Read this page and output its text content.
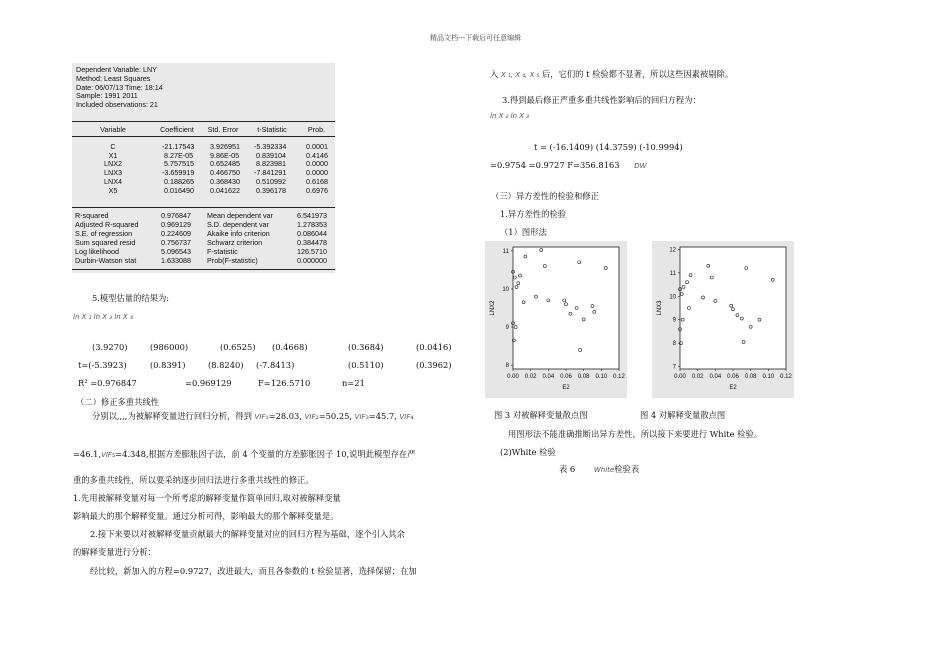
精品文档---下载后可任意编辑
Dependent Variable: LNY
Method: Least Squares
Date: 06/07/13 Time: 18:14
Sample: 1991 2011
Included observations: 21
Variable	Coefficient	Std. Error	t-Statistic	Prob.
C	-21.17543	3.926951	-5.392334	0.0001
X1	8.27E-05	9.86E-05	0.839104	0.4146
LNX2	5.757515	0.652485	8.823981	0.0000
LNX3	-3.659919	0.466750	-7.841291	0.0000
LNX4	0.188265	0.368430	0.510992	0.6168
X5	0.016490	0.041622	0.396178	0.6976
R-squared	0.976847	Mean dependent var	6.541973
Adjusted R-squared	0.969129	S.D. dependent var	1.278353
S.E. of regression	0.224609	Akaike info criterion	0.086044
Sum squared resid	0.756737	Schwarz criterion	0.384478
Log likelihood	5.096543	F-statistic	126.5710
Durbin-Watson stat	1.633088	Prob(F-statistic)	0.000000
5.模型估量的结果为:
ln X ₂ ln X ₃ ln X ₄
(3.9270)	(986000)	(0.6525) (0.4668)	(0.3684)	(0.0416)
t=(-5.3923)	(0.8391)	(8.8240) (-7.8413)	(0.5110)	(0.3962)
R² =0.976847	=0.969129	F=126.5710	n=21
（二）修正多重共线性
分别以,,,,为被解释变量进行回归分析，得到 VIF1=28.03, VIF2=50.25, VIF3=45.7, VIF4
=46.1,VIF5=4.348,根据方差膨胀因子法，前 4 个变量的方差膨胀因子 10,说明此模型存在严
重的多重共线性，所以要采纳逐步回归法进行多重共线性的修正。
1.先用被解释变量对每一个所考虑的解释变量作简单回归,取对被解释变量
影响最大的那个解释变量。通过分析可得，影响最大的那个解释变量是。
2.接下来要以对被解释变量贡献最大的解释变量对应的回归方程为基础，逐个引入其余
的解释变量进行分析：
经比较，新加入的方程=0.9727，改进最大，而且各参数的 t 检验显著，选择保留；在加
入 X ₁, X ₄, X ₅ 后，它们的 t 检验都不显著，所以这些因素被剔除。
3.得到最后修正严重多重共线性影响后的回归方程为：
ln X ₂ ln X ₃
t = (-16.1409) (14.3759) (-10.9994)
=0.9754 =0.9727 F=356.8163 DW
（三）异方差性的检验和修正
1.异方差性的检验
（1）图形法
0.00 0.02 0.04 0.06 0.08 0.10 0.12
8
9
10
11
E2
LNX2
0.00 0.02 0.04 0.06 0.08 0.10 0.12
7
8
9
10
11
12
E2
LNX3
图 3 对被解释变量散点图	图 4 对解释变量散点图
用图形法不能准确推断出异方差性，所以接下来要进行 White 检验。
(2)White 检验
表 6	White检验表
